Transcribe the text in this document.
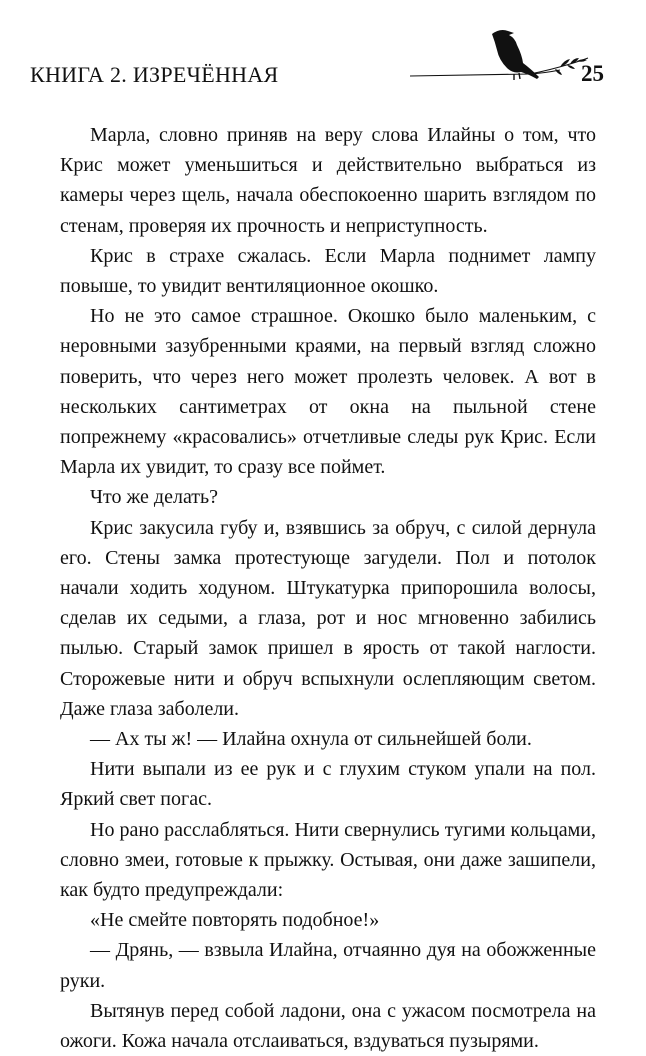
КНИГА 2. ИЗРЕЧЁННАЯ	25

Марла, словно приняв на веру слова Илайны о том, что Крис может уменьшиться и действительно выбраться из камеры через щель, начала обеспокоенно шарить взглядом по стенам, проверяя их прочность и неприступность.

Крис в страхе сжалась. Если Марла поднимет лампу повыше, то увидит вентиляционное окошко.

Но не это самое страшное. Окошко было маленьким, с неровными зазубренными краями, на первый взгляд сложно поверить, что через него может пролезть человек. А вот в нескольких сантиметрах от окна на пыльной стене попрежнему «красовались» отчетливые следы рук Крис. Если Марла их увидит, то сразу все поймет.

Что же делать?

Крис закусила губу и, взявшись за обруч, с силой дернула его. Стены замка протестующе загудели. Пол и потолок начали ходить ходуном. Штукатурка припорошила волосы, сделав их седыми, а глаза, рот и нос мгновенно забились пылью. Старый замок пришел в ярость от такой наглости. Сторожевые нити и обруч вспыхнули ослепляющим светом. Даже глаза заболели.

— Ах ты ж! — Илайна охнула от сильнейшей боли.

Нити выпали из ее рук и с глухим стуком упали на пол. Яркий свет погас.

Но рано расслабляться. Нити свернулись тугими кольцами, словно змеи, готовые к прыжку. Остывая, они даже зашипели, как будто предупреждали:

«Не смейте повторять подобное!»

— Дрянь, — взвыла Илайна, отчаянно дуя на обожженные руки.

Вытянув перед собой ладони, она с ужасом посмотрела на ожоги. Кожа начала отслаиваться, вздуваться пузырями.
